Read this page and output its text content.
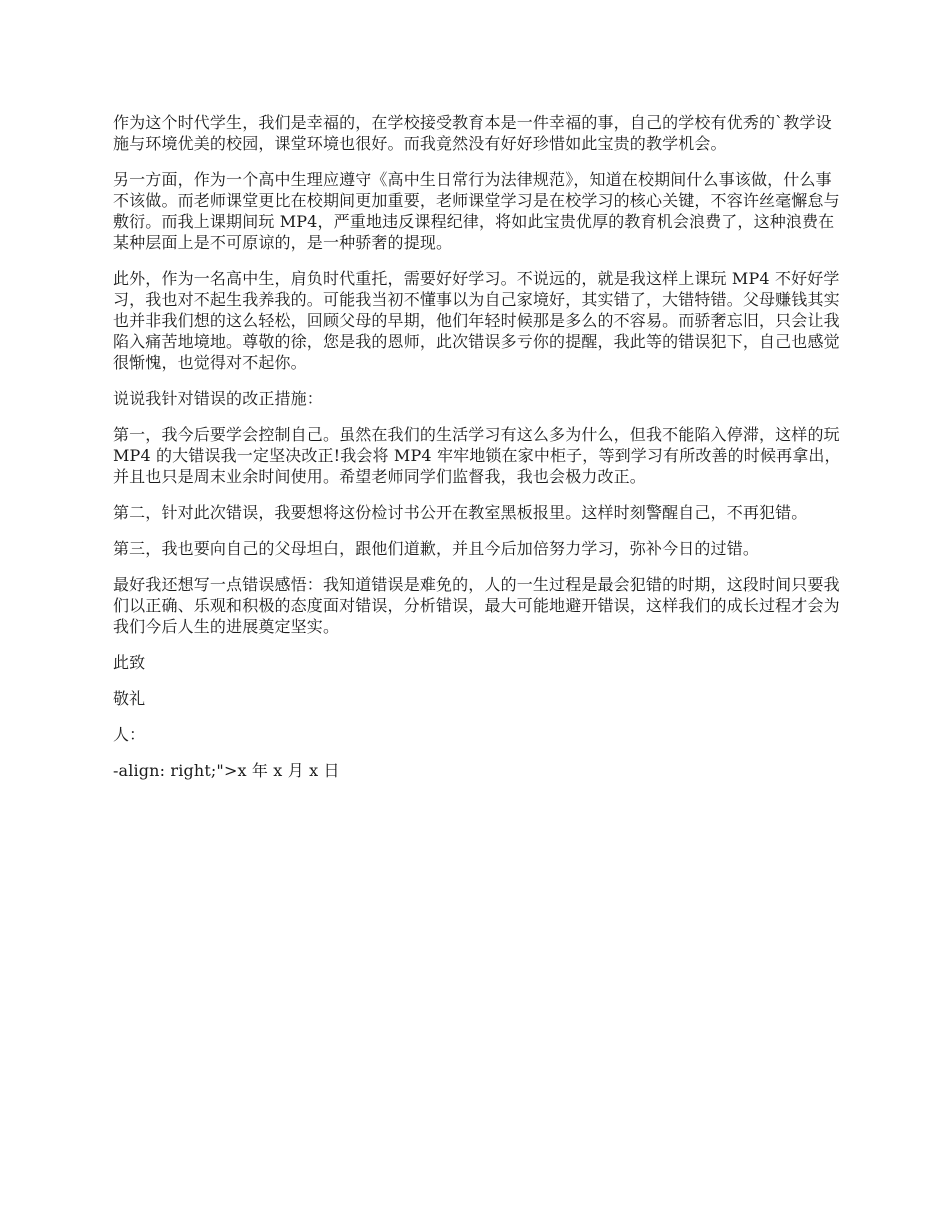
作为这个时代学生，我们是幸福的，在学校接受教育本是一件幸福的事，自己的学校有优秀的`教学设施与环境优美的校园，课堂环境也很好。而我竟然没有好好珍惜如此宝贵的教学机会。

另一方面，作为一个高中生理应遵守《高中生日常行为法律规范》，知道在校期间什么事该做，什么事不该做。而老师课堂更比在校期间更加重要，老师课堂学习是在校学习的核心关键，不容许丝毫懈怠与敷衍。而我上课期间玩 MP4，严重地违反课程纪律，将如此宝贵优厚的教育机会浪费了，这种浪费在某种层面上是不可原谅的，是一种骄奢的提现。

此外，作为一名高中生，肩负时代重托，需要好好学习。不说远的，就是我这样上课玩 MP4 不好好学习，我也对不起生我养我的。可能我当初不懂事以为自己家境好，其实错了，大错特错。父母赚钱其实也并非我们想的这么轻松，回顾父母的早期，他们年轻时候那是多么的不容易。而骄奢忘旧，只会让我陷入痛苦地境地。尊敬的徐，您是我的恩师，此次错误多亏你的提醒，我此等的错误犯下，自己也感觉很惭愧，也觉得对不起你。

说说我针对错误的改正措施：

第一，我今后要学会控制自己。虽然在我们的生活学习有这么多为什么，但我不能陷入停滞，这样的玩 MP4 的大错误我一定坚决改正!我会将 MP4 牢牢地锁在家中柜子，等到学习有所改善的时候再拿出，并且也只是周末业余时间使用。希望老师同学们监督我，我也会极力改正。

第二，针对此次错误，我要想将这份检讨书公开在教室黑板报里。这样时刻警醒自己，不再犯错。

第三，我也要向自己的父母坦白，跟他们道歉，并且今后加倍努力学习，弥补今日的过错。

最好我还想写一点错误感悟：我知道错误是难免的，人的一生过程是最会犯错的时期，这段时间只要我们以正确、乐观和积极的态度面对错误，分析错误，最大可能地避开错误，这样我们的成长过程才会为我们今后人生的进展奠定坚实。

此致

敬礼

人：

-align: right;">x 年 x 月 x 日
